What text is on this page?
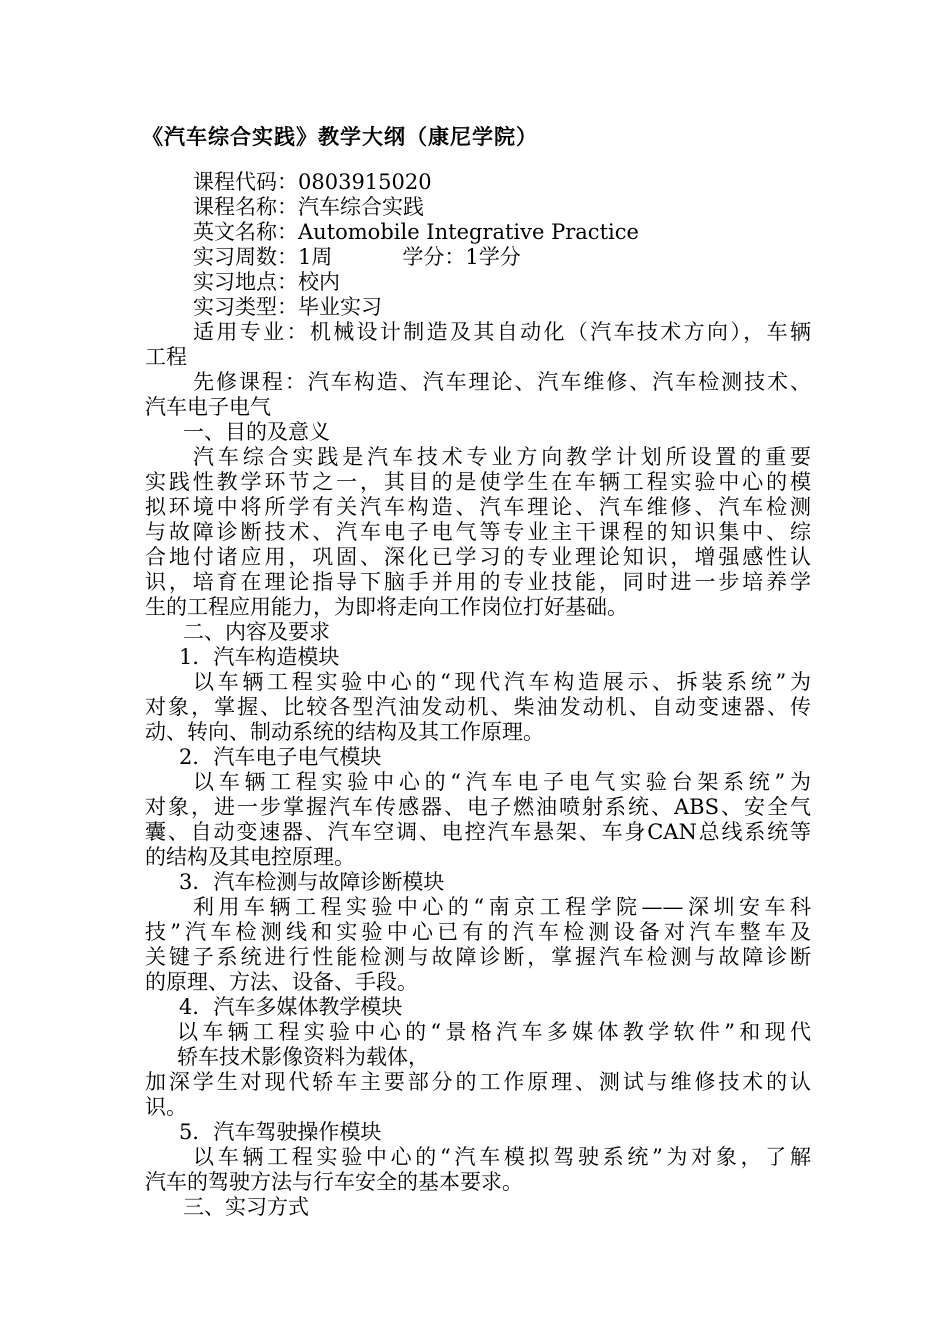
《汽车综合实践》教学大纲（康尼学院）
课程代码：0803915020
课程名称：汽车综合实践
英文名称：Automobile Integrative Practice
实习周数：1周	学分：1学分
实习地点：校内
实习类型：毕业实习
适用专业：机械设计制造及其自动化（汽车技术方向），车辆
工程
先修课程：汽车构造、汽车理论、汽车维修、汽车检测技术、
汽车电子电气
一、目的及意义
汽车综合实践是汽车技术专业方向教学计划所设置的重要
实践性教学环节之一，其目的是使学生在车辆工程实验中心的模
拟环境中将所学有关汽车构造、汽车理论、汽车维修、汽车检测
与故障诊断技术、汽车电子电气等专业主干课程的知识集中、综
合地付诸应用，巩固、深化已学习的专业理论知识，增强感性认
识，培育在理论指导下脑手并用的专业技能，同时进一步培养学
生的工程应用能力，为即将走向工作岗位打好基础。
二、内容及要求
1．汽车构造模块
以车辆工程实验中心的“现代汽车构造展示、拆装系统”为
对象，掌握、比较各型汽油发动机、柴油发动机、自动变速器、传
动、转向、制动系统的结构及其工作原理。
2．汽车电子电气模块
以车辆工程实验中心的“汽车电子电气实验台架系统”为
对象，进一步掌握汽车传感器、电子燃油喷射系统、ABS、安全气
囊、自动变速器、汽车空调、电控汽车悬架、车身CAN总线系统等
的结构及其电控原理。
3．汽车检测与故障诊断模块
利用车辆工程实验中心的“南京工程学院——深圳安车科
技”汽车检测线和实验中心已有的汽车检测设备对汽车整车及
关键子系统进行性能检测与故障诊断，掌握汽车检测与故障诊断
的原理、方法、设备、手段。
4．汽车多媒体教学模块
以车辆工程实验中心的“景格汽车多媒体教学软件”和现代
轿车技术影像资料为载体，
加深学生对现代轿车主要部分的工作原理、测试与维修技术的认
识。
5．汽车驾驶操作模块
以车辆工程实验中心的“汽车模拟驾驶系统”为对象，了解
汽车的驾驶方法与行车安全的基本要求。
三、实习方式
